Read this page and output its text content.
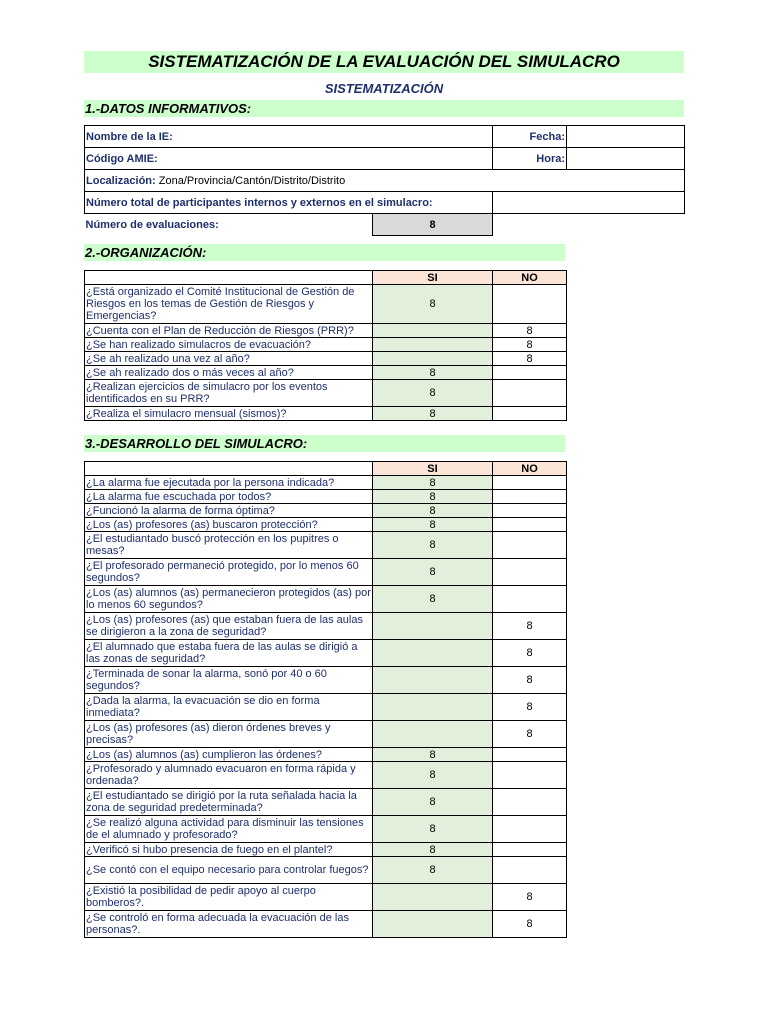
SISTEMATIZACIÓN DE LA EVALUACIÓN DEL SIMULACRO
SISTEMATIZACIÓN
1.-DATOS INFORMATIVOS:
Nombre de la IE:		Fecha:	
Código AMIE:		Hora:	
Localización: Zona/Provincia/Cantón/Distrito/Distrito			
Número total de participantes internos y externos en el simulacro:			
Número de evaluaciones:	8		
2.-ORGANIZACIÓN:
	SI	NO
¿Está organizado el Comité Institucional de Gestión de Riesgos en los temas de Gestión de Riesgos y Emergencias?	8	
¿Cuenta con el Plan de Reducción de Riesgos (PRR)?		8
¿Se han realizado simulacros de evacuación?		8
¿Se ah realizado una vez al año?		8
¿Se ah realizado dos o más veces al año?	8	
¿Realizan ejercicios de simulacro por los eventos identificados en su PRR?	8	
¿Realiza el simulacro mensual (sismos)?	8	
3.-DESARROLLO DEL SIMULACRO:
	SI	NO
¿La alarma fue ejecutada por la persona indicada?	8	
¿La alarma fue escuchada por todos?	8	
¿Funcionó la alarma de forma óptima?	8	
¿Los (as) profesores (as) buscaron protección?	8	
¿El estudiantado buscó protección en los pupitres o mesas?	8	
¿El profesorado permaneció protegido, por lo menos 60 segundos?	8	
¿Los (as) alumnos (as) permanecieron protegidos (as) por lo menos 60 segundos?	8	
¿Los (as) profesores (as) que estaban fuera de las aulas se dirigieron a la zona de seguridad?		8
¿El alumnado que estaba fuera de las aulas se dirigió a las zonas de seguridad?		8
¿Terminada de sonar la alarma, sonó por 40 o 60 segundos?		8
¿Dada la alarma, la evacuación se dio en forma inmediata?		8
¿Los (as) profesores (as) dieron órdenes breves y precisas?		8
¿Los (as) alumnos (as) cumplieron las órdenes?	8	
¿Profesorado y alumnado evacuaron en forma rápida y ordenada?	8	
¿El estudiantado se dirigió por la ruta señalada hacia la zona de seguridad predeterminada?	8	
¿Se realizó alguna actividad para disminuir las tensiones de el alumnado y profesorado?	8	
¿Verificó si hubo presencia de fuego en el plantel?	8	
¿Se contó con el equipo necesario para controlar fuegos?	8	
¿Existió la posibilidad de pedir apoyo al cuerpo bomberos?.		8
¿Se controló en forma adecuada la evacuación de las personas?.		8
